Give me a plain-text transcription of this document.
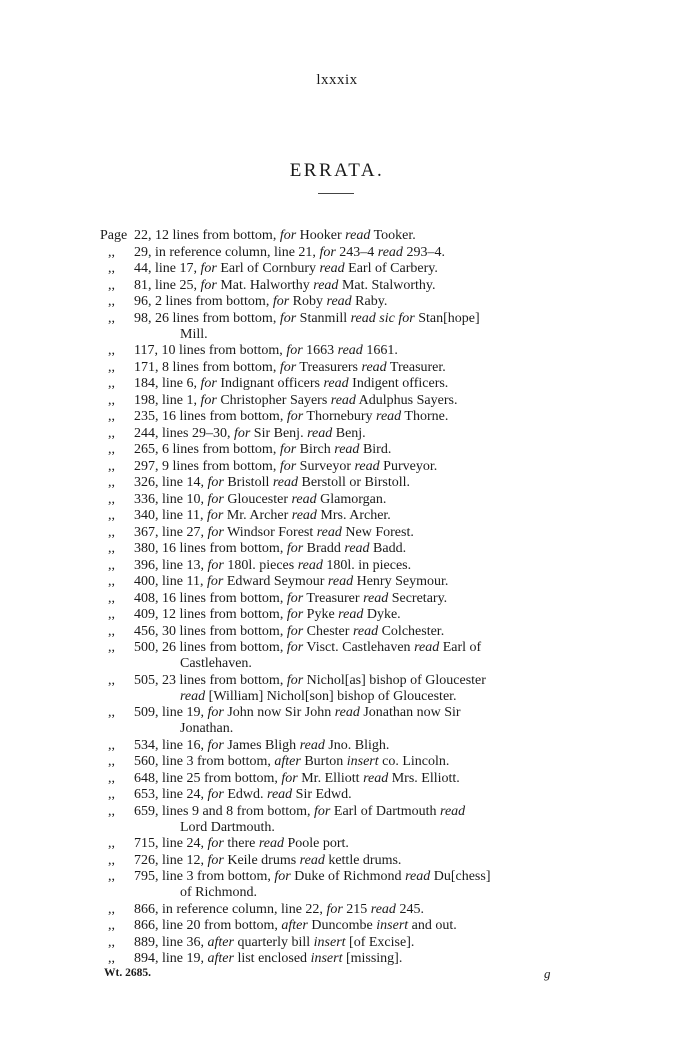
lxxxix
ERRATA.
Page 22, 12 lines from bottom, for Hooker read Tooker.
,,	29, in reference column, line 21, for 243–4 read 293–4.
,,	44, line 17, for Earl of Cornbury read Earl of Carbery.
,,	81, line 25, for Mat. Halworthy read Mat. Stalworthy.
,,	96, 2 lines from bottom, for Roby read Raby.
,,	98, 26 lines from bottom, for Stanmill read sic for Stan[hope]
Mill.
,,	117, 10 lines from bottom, for 1663 read 1661.
,,	171, 8 lines from bottom, for Treasurers read Treasurer.
,,	184, line 6, for Indignant officers read Indigent officers.
,,	198, line 1, for Christopher Sayers read Adulphus Sayers.
,,	235, 16 lines from bottom, for Thornebury read Thorne.
,,	244, lines 29–30, for Sir Benj. read Benj.
,,	265, 6 lines from bottom, for Birch read Bird.
,,	297, 9 lines from bottom, for Surveyor read Purveyor.
,,	326, line 14, for Bristoll read Berstoll or Birstoll.
,,	336, line 10, for Gloucester read Glamorgan.
,,	340, line 11, for Mr. Archer read Mrs. Archer.
,,	367, line 27, for Windsor Forest read New Forest.
,,	380, 16 lines from bottom, for Bradd read Badd.
,,	396, line 13, for 180l. pieces read 180l. in pieces.
,,	400, line 11, for Edward Seymour read Henry Seymour.
,,	408, 16 lines from bottom, for Treasurer read Secretary.
,,	409, 12 lines from bottom, for Pyke read Dyke.
,,	456, 30 lines from bottom, for Chester read Colchester.
,,	500, 26 lines from bottom, for Visct. Castlehaven read Earl of
Castlehaven.
,,	505, 23 lines from bottom, for Nichol[as] bishop of Gloucester
read [William] Nichol[son] bishop of Gloucester.
,,	509, line 19, for John now Sir John read Jonathan now Sir
Jonathan.
,,	534, line 16, for James Bligh read Jno. Bligh.
,,	560, line 3 from bottom, after Burton insert co. Lincoln.
,,	648, line 25 from bottom, for Mr. Elliott read Mrs. Elliott.
,,	653, line 24, for Edwd. read Sir Edwd.
,,	659, lines 9 and 8 from bottom, for Earl of Dartmouth read
Lord Dartmouth.
,,	715, line 24, for there read Poole port.
,,	726, line 12, for Keile drums read kettle drums.
,,	795, line 3 from bottom, for Duke of Richmond read Du[chess]
of Richmond.
,,	866, in reference column, line 22, for 215 read 245.
,,	866, line 20 from bottom, after Duncombe insert and out.
,,	889, line 36, after quarterly bill insert [of Excise].
,,	894, line 19, after list enclosed insert [missing].
Wt. 2685.	g
